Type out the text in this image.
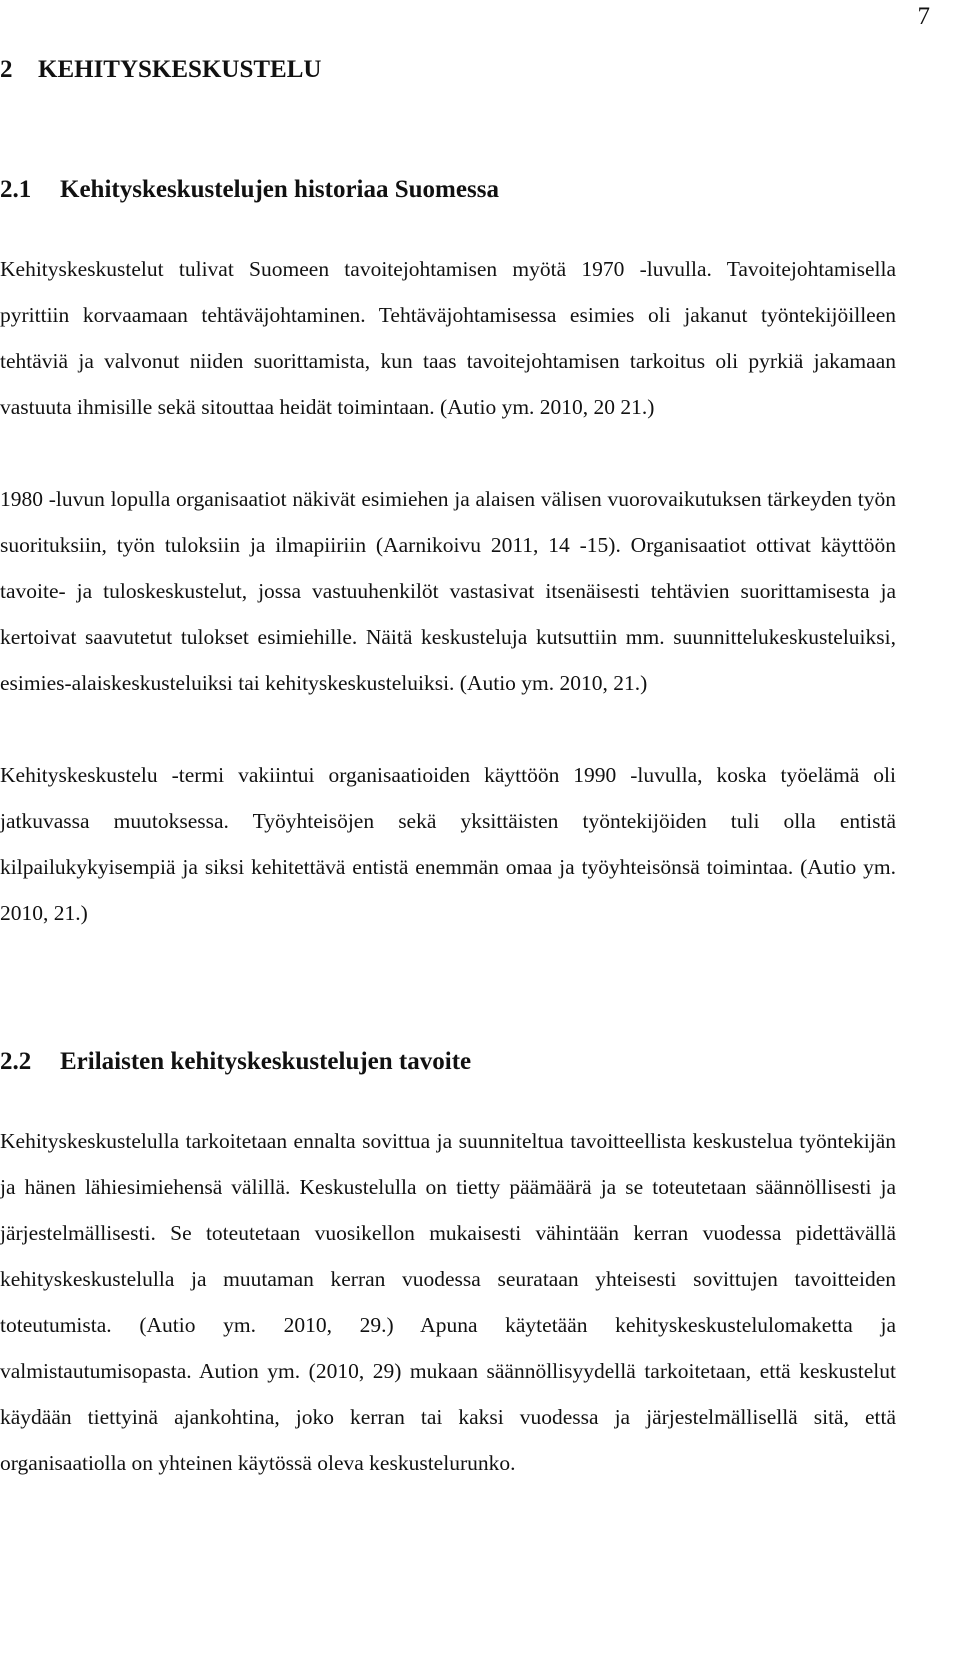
7
2	KEHITYSKESKUSTELU
2.1	Kehityskeskustelujen historiaa Suomessa

Kehityskeskustelut tulivat Suomeen tavoitejohtamisen myötä 1970 -luvulla. Tavoitejohtamisella pyrittiin korvaamaan tehtäväjohtaminen. Tehtäväjohtamisessa esimies oli jakanut työntekijöilleen tehtäviä ja valvonut niiden suorittamista, kun taas tavoitejohtamisen tarkoitus oli pyrkiä jakamaan vastuuta ihmisille sekä sitouttaa heidät toimintaan. (Autio ym. 2010, 20 21.)

1980 -luvun lopulla organisaatiot näkivät esimiehen ja alaisen välisen vuorovaikutuksen tärkeyden työn suorituksiin, työn tuloksiin ja ilmapiiriin (Aarnikoivu 2011, 14 -15). Organisaatiot ottivat käyttöön tavoite- ja tuloskeskustelut, jossa vastuuhenkilöt vastasivat itsenäisesti tehtävien suorittamisesta ja kertoivat saavutetut tulokset esimiehille. Näitä keskusteluja kutsuttiin mm. suunnittelukeskusteluiksi, esimies-alaiskeskusteluiksi tai kehityskeskusteluiksi. (Autio ym. 2010, 21.)

Kehityskeskustelu -termi vakiintui organisaatioiden käyttöön 1990 -luvulla, koska työelämä oli jatkuvassa muutoksessa. Työyhteisöjen sekä yksittäisten työntekijöiden tuli olla entistä kilpailukykyisempiä ja siksi kehitettävä entistä enemmän omaa ja työyhteisönsä toimintaa. (Autio ym. 2010, 21.)

2.2	Erilaisten kehityskeskustelujen tavoite

Kehityskeskustelulla tarkoitetaan ennalta sovittua ja suunniteltua tavoitteellista keskustelua työntekijän ja hänen lähiesimiehensä välillä. Keskustelulla on tietty päämäärä ja se toteutetaan säännöllisesti ja järjestelmällisesti. Se toteutetaan vuosikellon mukaisesti vähintään kerran vuodessa pidettävällä kehityskeskustelulla ja muutaman kerran vuodessa seurataan yhteisesti sovittujen tavoitteiden toteutumista. (Autio ym. 2010, 29.) Apuna käytetään kehityskeskustelulomaketta ja valmistautumisopasta. Aution ym. (2010, 29) mukaan säännöllisyydellä tarkoitetaan, että keskustelut käydään tiettyinä ajankohtina, joko kerran tai kaksi vuodessa ja järjestelmällisellä sitä, että organisaatiolla on yhteinen käytössä oleva keskustelurunko.
